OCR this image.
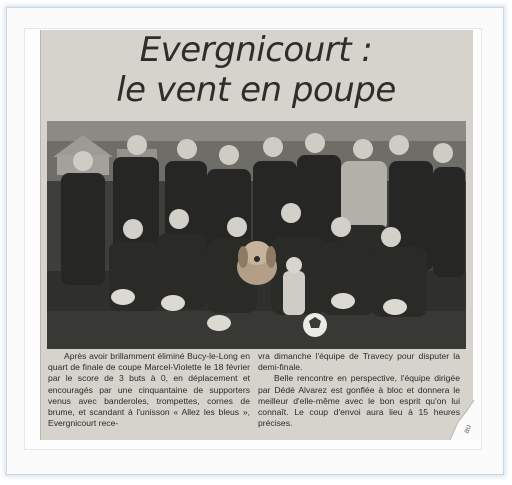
Evergnicourt :
le vent en poupe
Après avoir brillamment éliminé Bucy-le-Long en quart de finale de coupe Marcel-Violette le 18 février par le score de 3 buts à 0, en déplacement et encouragés par une cinquantaine de supporters venus avec banderoles, trompettes, cornes de brume, et scandant à l'unisson « Allez les bleus », Evergnicourt rece-

vra dimanche l'équipe de Travecy pour disputer la demi-finale.

Belle rencontre en perspective, l'équipe dirigée par Dédé Alvarez est gonflée à bloc et donnera le meilleur d'elle-même avec le bon esprit qu'on lui connaît. Le coup d'envoi aura lieu à 15 heures précises.

au
